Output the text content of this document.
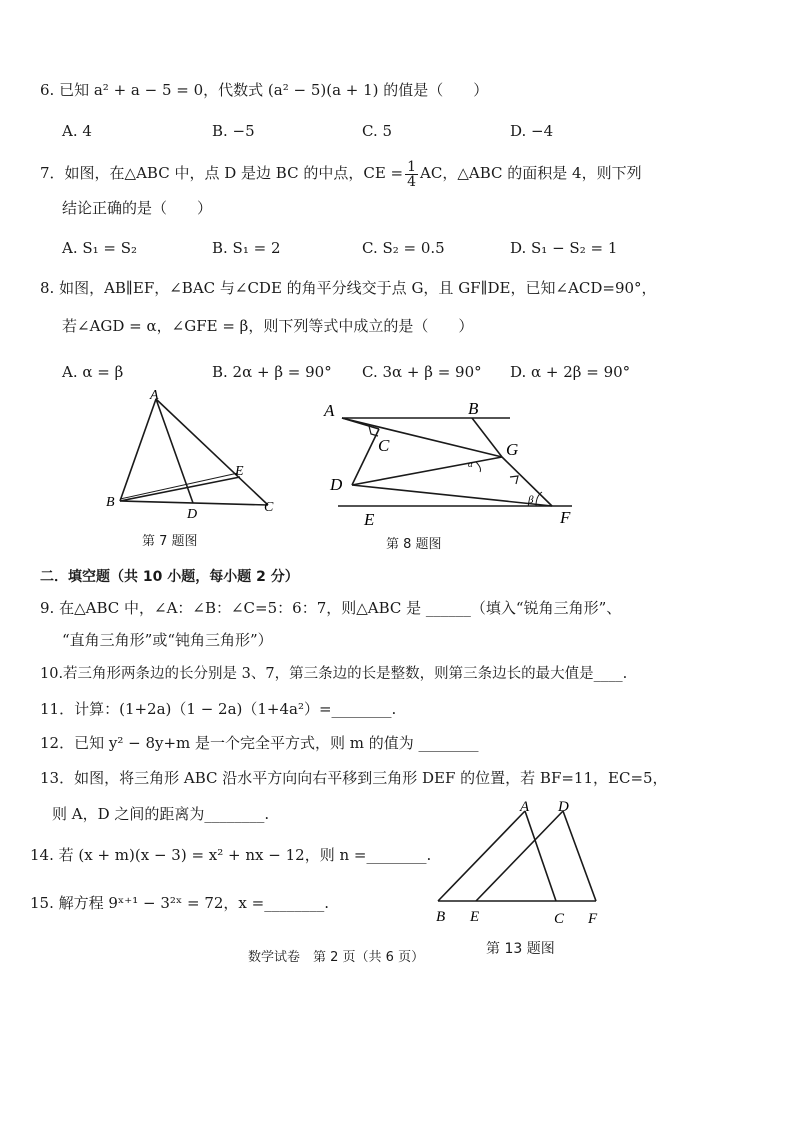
6. 已知 a² + a − 5 = 0，代数式 (a² − 5)(a + 1) 的值是（　　）
A. 4	B. −5	C. 5	D. −4
7．如图，在△ABC 中，点 D 是边 BC 的中点，CE = $\frac{1}{4}$ AC，△ABC 的面积是 4，则下列
结论正确的是（　　）
A. S₁ = S₂	B. S₁ = 2	C. S₂ = 0.5	D. S₁ − S₂ = 1
8. 如图，AB∥EF，∠BAC 与∠CDE 的角平分线交于点 G，且 GF∥DE，已知∠ACD=90°，
若∠AGD = α，∠GFE = β，则下列等式中成立的是（　　）
A. α = β	B. 2α + β = 90° C. 3α + β = 90° D. α + 2β = 90°
A
B	C
D
E
第 7 题图
A	B
C
D
E	F
G
α
β
第 8 题图
二．填空题（共 10 小题，每小题 2 分）
9. 在△ABC 中，∠A：∠B：∠C=5：6：7，则△ABC 是 ______（填入“锐角三角形”、
“直角三角形”或“钝角三角形”）
10.若三角形两条边的长分别是 3、7，第三条边的长是整数，则第三条边长的最大值是____.
11．计算：(1+2a)（1 − 2a)（1+4a²）=________.
12．已知 y² − 8y+m 是一个完全平方式，则 m 的值为 ________
13．如图，将三角形 ABC 沿水平方向向右平移到三角形 DEF 的位置，若 BF=11，EC=5，
则 A，D 之间的距离为________.
14. 若 (x + m)(x − 3) = x² + nx − 12，则 n =________.
15. 解方程 9ˣ⁺¹ − 3²ˣ = 72，x =________.
A
B	C
D
E	F
第 13 题图
数学试卷　第 2 页（共 6 页）
